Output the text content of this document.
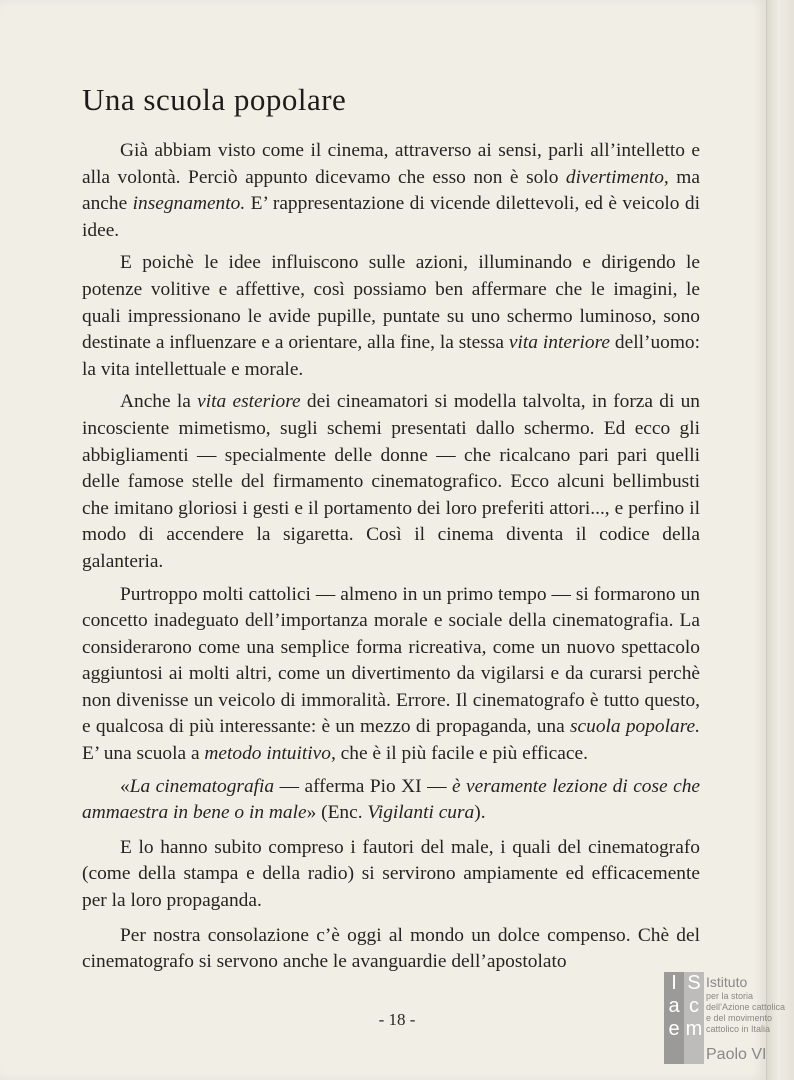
Una scuola popolare

Già abbiam visto come il cinema, attraverso ai sensi, parli all’intelletto e alla volontà. Perciò appunto dicevamo che esso non è solo divertimento, ma anche insegnamento. E’ rappresentazione di vicende dilettevoli, ed è veicolo di idee.

E poichè le idee influiscono sulle azioni, illuminando e dirigendo le potenze volitive e affettive, così possiamo ben affermare che le imagini, le quali impressionano le avide pupille, puntate su uno schermo luminoso, sono destinate a influenzare e a orientare, alla fine, la stessa vita interiore dell’uomo: la vita intellettuale e morale.

Anche la vita esteriore dei cineamatori si modella talvolta, in forza di un incosciente mimetismo, sugli schemi presentati dallo schermo. Ed ecco gli abbigliamenti — specialmente delle donne — che ricalcano pari pari quelli delle famose stelle del firmamento cinematografico. Ecco alcuni bellimbusti che imitano gloriosi i gesti e il portamento dei loro preferiti attori..., e perfino il modo di accendere la sigaretta. Così il cinema diventa il codice della galanteria.

Purtroppo molti cattolici — almeno in un primo tempo — si formarono un concetto inadeguato dell’importanza morale e sociale della cinematografia. La considerarono come una semplice forma ricreativa, come un nuovo spettacolo aggiuntosi ai molti altri, come un divertimento da vigilarsi e da curarsi perchè non divenisse un veicolo di immoralità. Errore. Il cinematografo è tutto questo, e qualcosa di più interessante: è un mezzo di propaganda, una scuola popolare. E’ una scuola a metodo intuitivo, che è il più facile e più efficace.

«La cinematografia — afferma Pio XI — è veramente lezione di cose che ammaestra in bene o in male» (Enc. Vigilanti cura).

E lo hanno subito compreso i fautori del male, i quali del cinematografo (come della stampa e della radio) si servirono ampiamente ed efficacemente per la loro propaganda.

Per nostra consolazione c’è oggi al mondo un dolce compenso. Chè del cinematografo si servono anche le avanguardie dell’apostolato

- 18 -

I S
a c
e m
Istituto
per la storia
dell’Azione cattolica
e del movimento
cattolico in Italia
Paolo VI
